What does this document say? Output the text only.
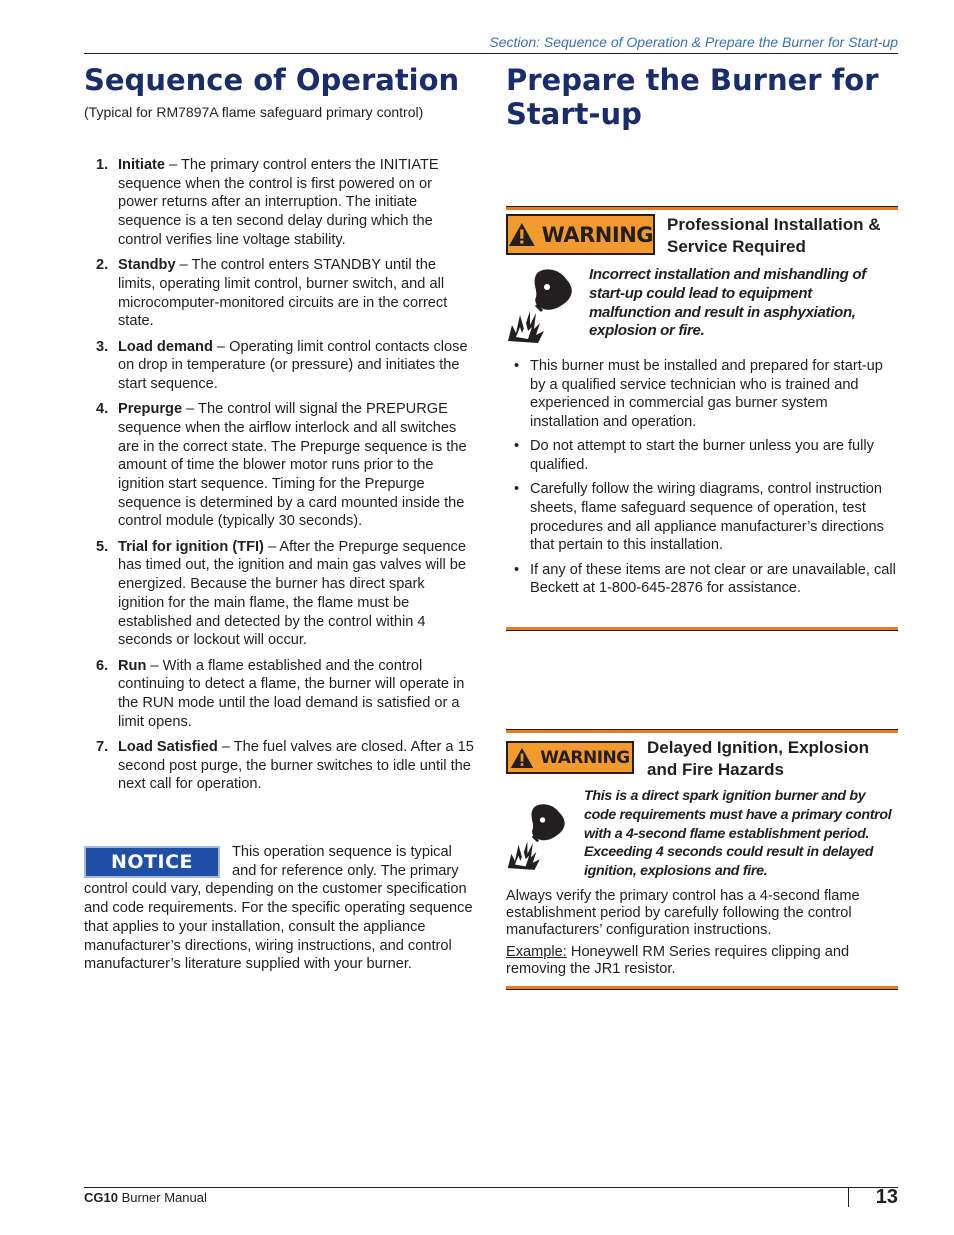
Section: Sequence of Operation & Prepare the Burner for Start-up
Sequence of Operation
(Typical for RM7897A flame safeguard primary control)
1. Initiate – The primary control enters the INITIATE sequence when the control is first powered on or power returns after an interruption. The initiate sequence is a ten second delay during which the control verifies line voltage stability.
2. Standby – The control enters STANDBY until the limits, operating limit control, burner switch, and all microcomputer-monitored circuits are in the correct state.
3. Load demand – Operating limit control contacts close on drop in temperature (or pressure) and initiates the start sequence.
4. Prepurge – The control will signal the PREPURGE sequence when the airflow interlock and all switches are in the correct state. The Prepurge sequence is the amount of time the blower motor runs prior to the ignition start sequence. Timing for the Prepurge sequence is determined by a card mounted inside the control module (typically 30 seconds).
5. Trial for ignition (TFI) – After the Prepurge sequence has timed out, the ignition and main gas valves will be energized. Because the burner has direct spark ignition for the main flame, the flame must be established and detected by the control within 4 seconds or lockout will occur.
6. Run – With a flame established and the control continuing to detect a flame, the burner will operate in the RUN mode until the load demand is satisfied or a limit opens.
7. Load Satisfied – The fuel valves are closed. After a 15 second post purge, the burner switches to idle until the next call for operation.
This operation sequence is typical and for reference only. The primary control could vary, depending on the customer specification and code requirements. For the specific operating sequence that applies to your installation, consult the appliance manufacturer’s directions, wiring instructions, and control manufacturer’s literature supplied with your burner.
NOTICE
Prepare the Burner for Start-up
WARNING Professional Installation & Service Required
Incorrect installation and mishandling of start-up could lead to equipment malfunction and result in asphyxiation, explosion or fire.
• This burner must be installed and prepared for start-up by a qualified service technician who is trained and experienced in commercial gas burner system installation and operation.
• Do not attempt to start the burner unless you are fully qualified.
• Carefully follow the wiring diagrams, control instruction sheets, flame safeguard sequence of operation, test procedures and all appliance manufacturer’s directions that pertain to this installation.
• If any of these items are not clear or are unavailable, call Beckett at 1-800-645-2876 for assistance.
WARNING Delayed Ignition, Explosion and Fire Hazards
This is a direct spark ignition burner and by code requirements must have a primary control with a 4-second flame establishment period. Exceeding 4 seconds could result in delayed ignition, explosions and fire.
Always verify the primary control has a 4-second flame establishment period by carefully following the control manufacturers’ configuration instructions.
Example: Honeywell RM Series requires clipping and removing the JR1 resistor.
CG10 Burner Manual	13
